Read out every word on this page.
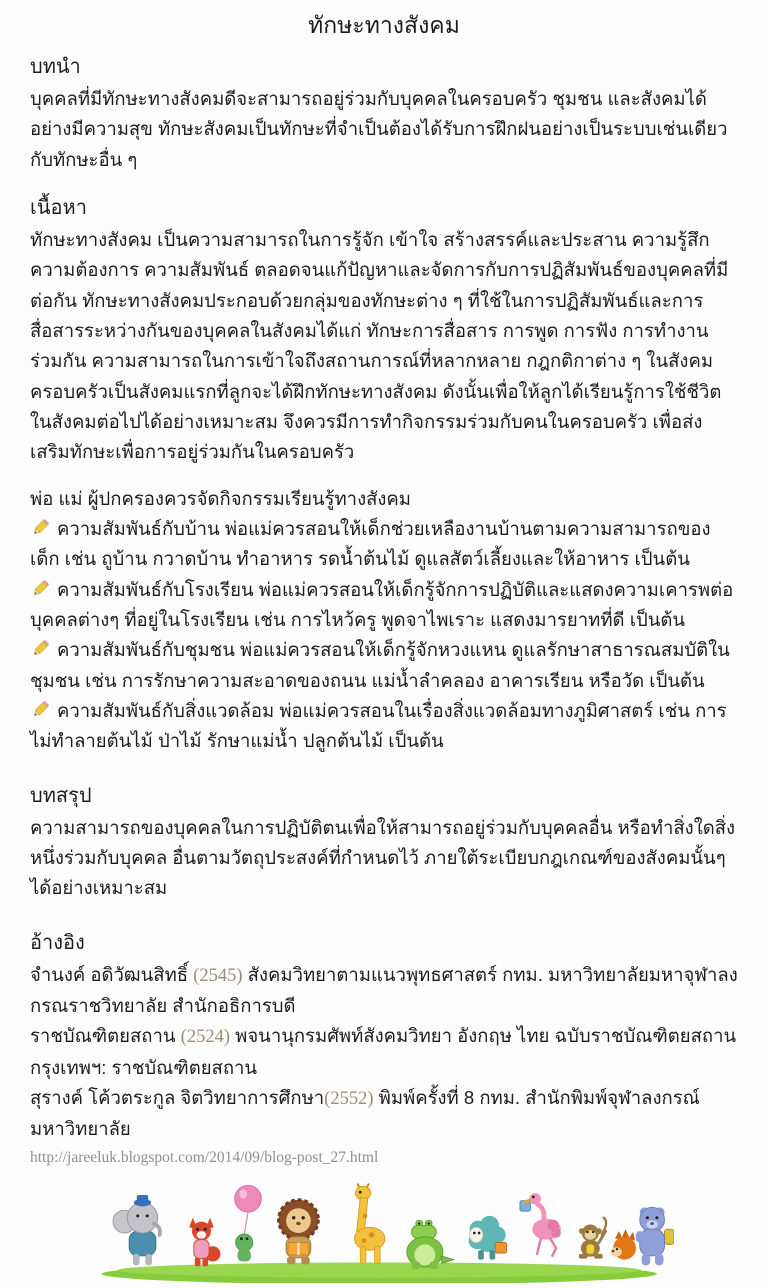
ทักษะทางสังคม
บทนำ

บุคคลที่มีทักษะทางสังคมดีจะสามารถอยู่ร่วมกับบุคคลในครอบครัว ชุมชน และสังคมได้อย่างมีความสุข ทักษะสังคมเป็นทักษะที่จำเป็นต้องได้รับการฝึกฝนอย่างเป็นระบบเช่นเดียวกับทักษะอื่น ๆ

เนื้อหา

ทักษะทางสังคม เป็นความสามารถในการรู้จัก เข้าใจ สร้างสรรค์และประสาน ความรู้สึก ความต้องการ ความสัมพันธ์ ตลอดจนแก้ปัญหาและจัดการกับการปฏิสัมพันธ์ของบุคคลที่มีต่อกัน ทักษะทางสังคมประกอบด้วยกลุ่มของทักษะต่าง ๆ ที่ใช้ในการปฏิสัมพันธ์และการสื่อสารระหว่างกันของบุคคลในสังคมได้แก่ ทักษะการสื่อสาร การพูด การฟัง การทำงานร่วมกัน ความสามารถในการเข้าใจถึงสถานการณ์ที่หลากหลาย กฎกติกาต่าง ๆ ในสังคม ครอบครัวเป็นสังคมแรกที่ลูกจะได้ฝึกทักษะทางสังคม ดังนั้นเพื่อให้ลูกได้เรียนรู้การใช้ชีวิตในสังคมต่อไปได้อย่างเหมาะสม จึงควรมีการทำกิจกรรมร่วมกับคนในครอบครัว เพื่อส่งเสริมทักษะเพื่อการอยู่ร่วมกันในครอบครัว

พ่อ แม่ ผู้ปกครองควรจัดกิจกรรมเรียนรู้ทางสังคม

ความสัมพันธ์กับบ้าน พ่อแม่ควรสอนให้เด็กช่วยเหลืองานบ้านตามความสามารถของเด็ก เช่น ถูบ้าน กวาดบ้าน ทำอาหาร รดน้ำต้นไม้ ดูแลสัตว์เลี้ยงและให้อาหาร เป็นต้น

ความสัมพันธ์กับโรงเรียน พ่อแม่ควรสอนให้เด็กรู้จักการปฏิบัติและแสดงความเคารพต่อบุคคลต่างๆ ที่อยู่ในโรงเรียน เช่น การไหว้ครู พูดจาไพเราะ แสดงมารยาทที่ดี เป็นต้น

ความสัมพันธ์กับชุมชน พ่อแม่ควรสอนให้เด็กรู้จักหวงแหน ดูแลรักษาสาธารณสมบัติในชุมชน เช่น การรักษาความสะอาดของถนน แม่น้ำลำคลอง อาคารเรียน หรือวัด เป็นต้น

ความสัมพันธ์กับสิ่งแวดล้อม พ่อแม่ควรสอนในเรื่องสิ่งแวดล้อมทางภูมิศาสตร์ เช่น การไม่ทำลายต้นไม้ ป่าไม้ รักษาแม่น้ำ ปลูกต้นไม้ เป็นต้น

บทสรุป

ความสามารถของบุคคลในการปฏิบัติตนเพื่อให้สามารถอยู่ร่วมกับบุคคลอื่น หรือทำสิ่งใดสิ่งหนึ่งร่วมกับบุคคล อื่นตามวัตถุประสงค์ที่กำหนดไว้ ภายใต้ระเบียบกฎเกณฑ์ของสังคมนั้นๆ ได้อย่างเหมาะสม

อ้างอิง

จำนงค์ อดิวัฒนสิทธิ์ (2545) สังคมวิทยาตามแนวพุทธศาสตร์ กทม. มหาวิทยาลัยมหาจุฬาลงกรณราชวิทยาลัย สำนักอธิการบดี

ราชบัณฑิตยสถาน (2524) พจนานุกรมศัพท์สังคมวิทยา อังกฤษ ไทย ฉบับราชบัณฑิตยสถาน กรุงเทพฯ: ราชบัณฑิตยสถาน

สุรางค์ โค้วตระกูล จิตวิทยาการศึกษา(2552) พิมพ์ครั้งที่ 8 กทม. สำนักพิมพ์จุฬาลงกรณ์มหาวิทยาลัย

http://jareeluk.blogspot.com/2014/09/blog-post_27.html
